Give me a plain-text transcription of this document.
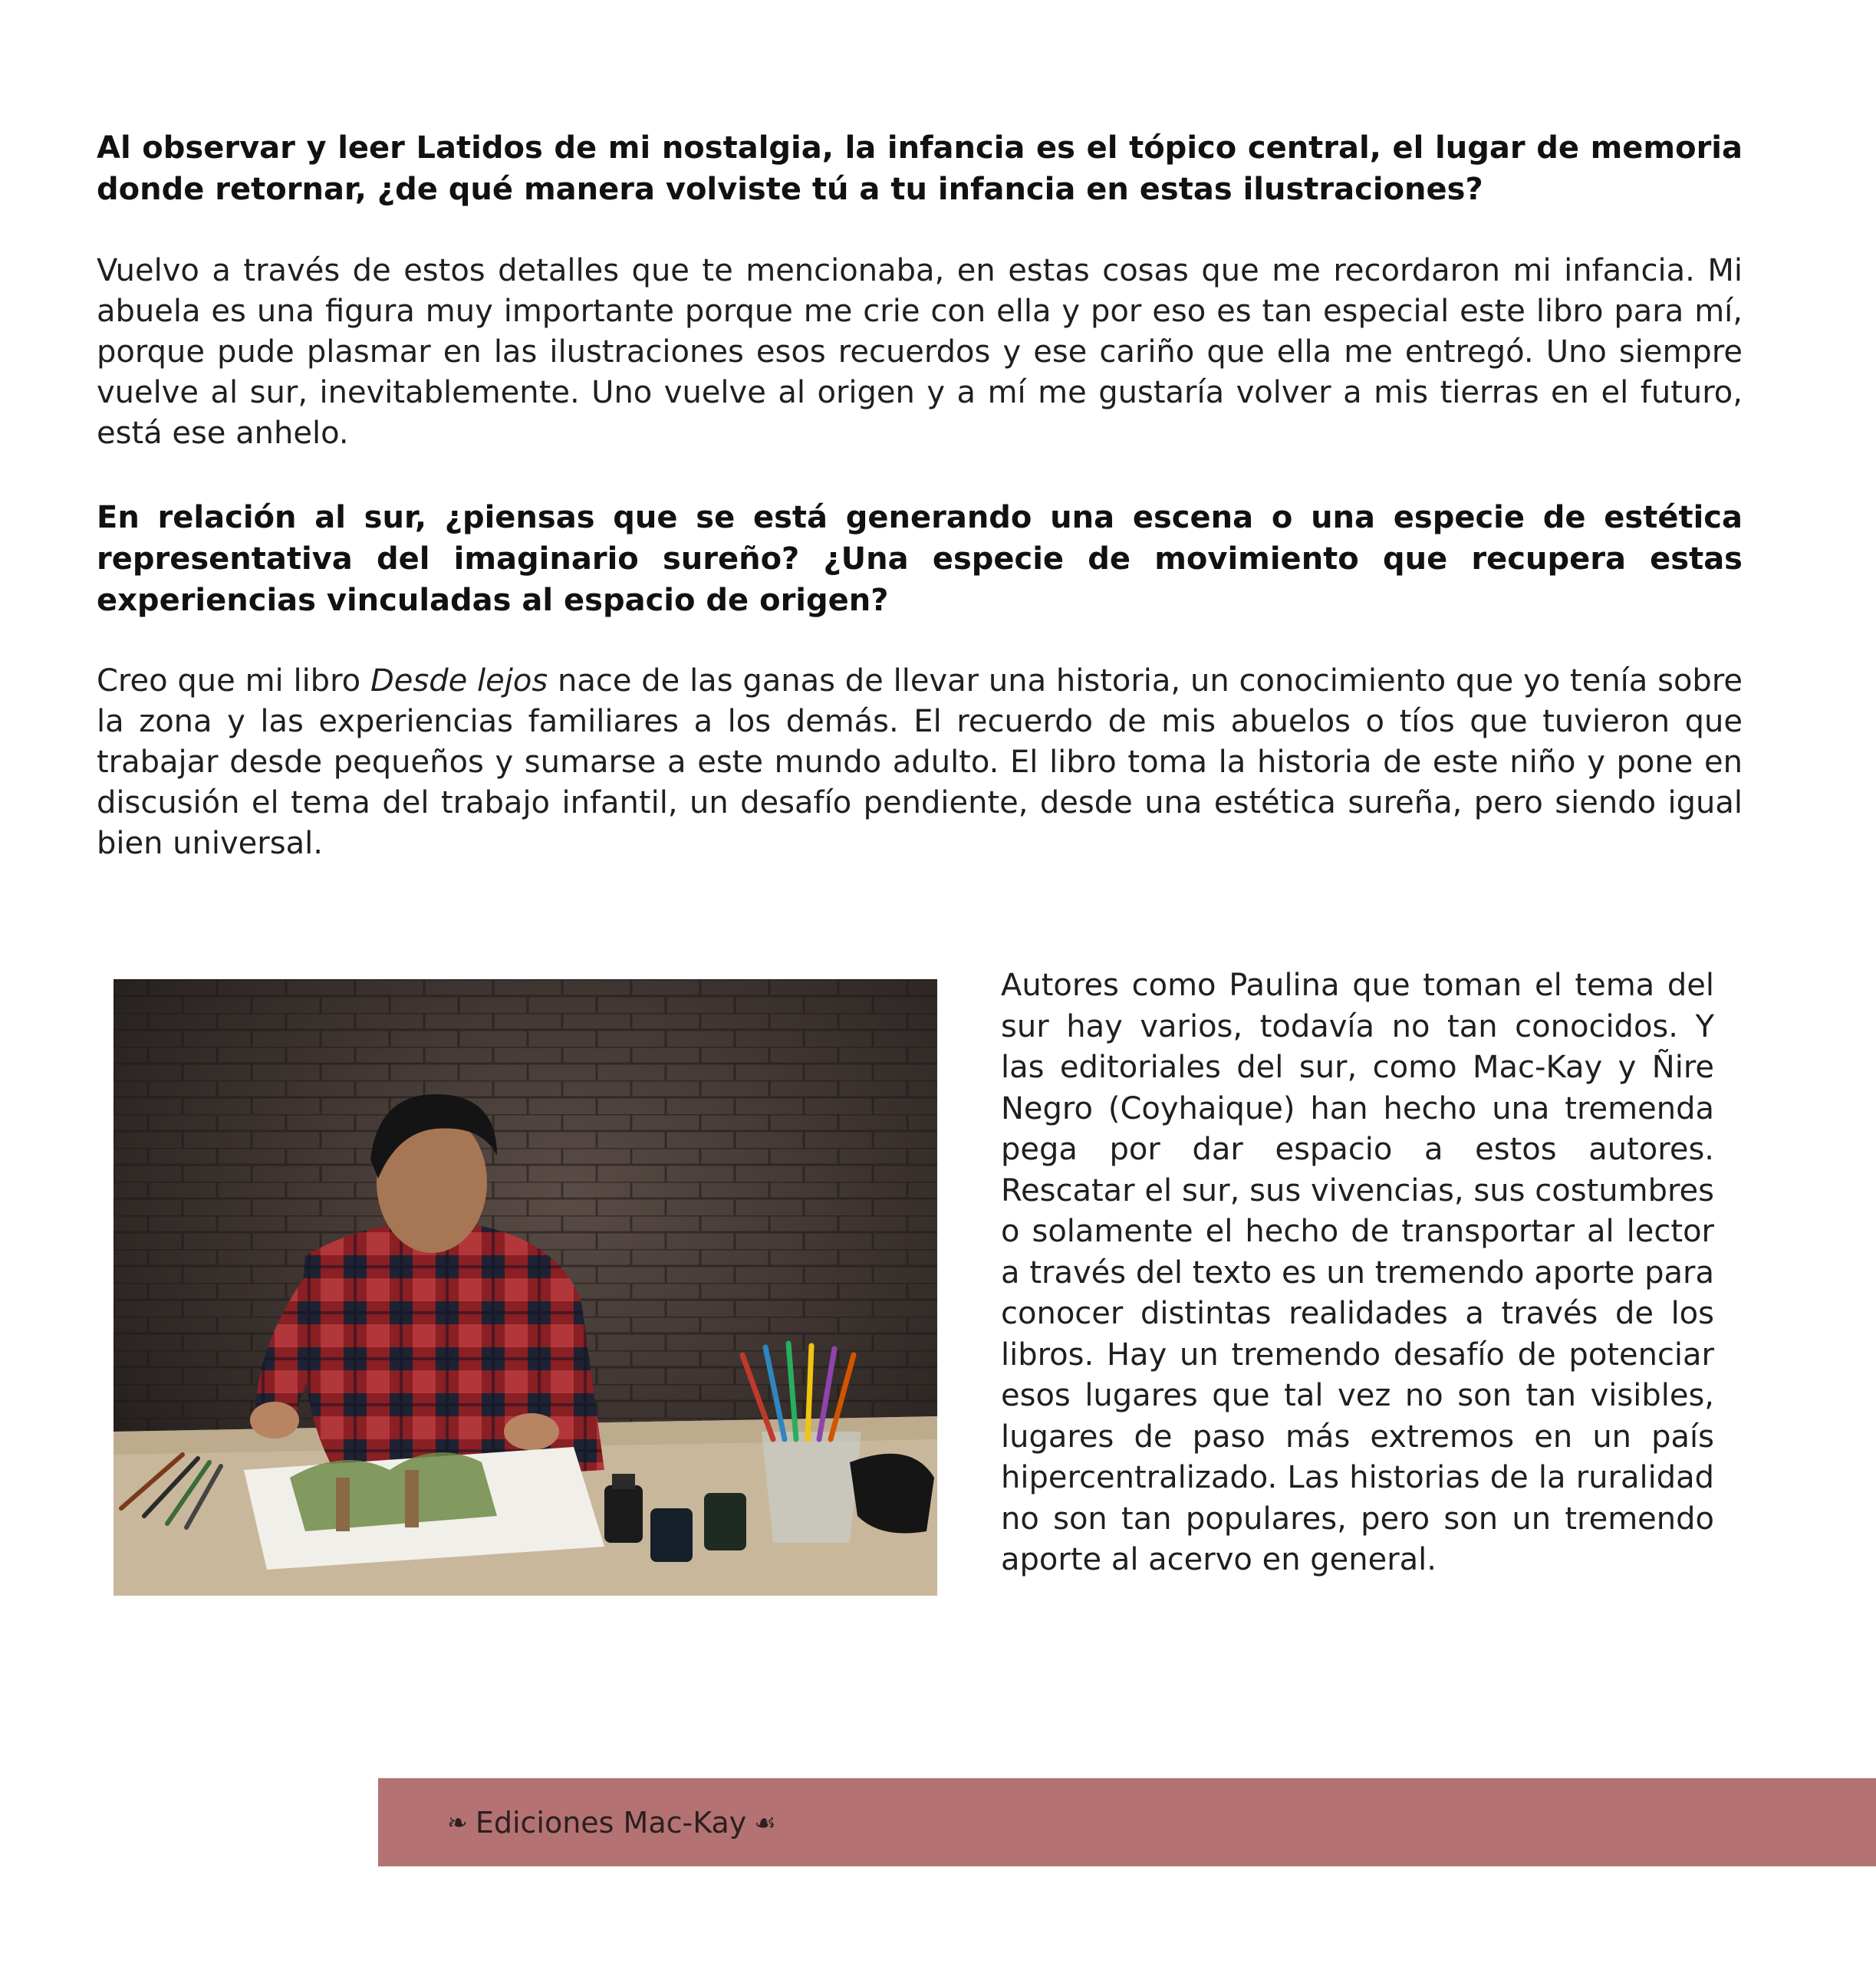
Al observar y leer Latidos de mi nostalgia, la infancia es el tópico central, el lugar de memoria donde retornar, ¿de qué manera volviste tú a tu infancia en estas ilustraciones?

Vuelvo a través de estos detalles que te mencionaba, en estas cosas que me recordaron mi infancia. Mi abuela es una figura muy importante porque me crie con ella y por eso es tan especial este libro para mí, porque pude plasmar en las ilustraciones esos recuerdos y ese cariño que ella me entregó. Uno siempre vuelve al sur, inevitablemente. Uno vuelve al origen y a mí me gustaría volver a mis tierras en el futuro, está ese anhelo.

En relación al sur, ¿piensas que se está generando una escena o una especie de estética representativa del imaginario sureño? ¿Una especie de movimiento que recupera estas experiencias vinculadas al espacio de origen?

Creo que mi libro Desde lejos nace de las ganas de llevar una historia, un conocimiento que yo tenía sobre la zona y las experiencias familiares a los demás. El recuerdo de mis abuelos o tíos que tuvieron que trabajar desde pequeños y sumarse a este mundo adulto. El libro toma la historia de este niño y pone en discusión el tema del trabajo infantil, un desafío pendiente, desde una estética sureña, pero siendo igual bien universal.

Autores como Paulina que toman el tema del sur hay varios, todavía no tan conocidos. Y las editoriales del sur, como Mac-Kay y Ñire Negro (Coyhaique) han hecho una tremenda pega por dar espacio a estos autores. Rescatar el sur, sus vivencias, sus costumbres o solamente el hecho de transportar al lector a través del texto es un tremendo aporte para conocer distintas realidades a través de los libros. Hay un tremendo desafío de potenciar esos lugares que tal vez no son tan visibles, lugares de paso más extremos en un país hipercentralizado. Las historias de la ruralidad no son tan populares, pero son un tremendo aporte al acervo en general.

❧ Ediciones Mac-Kay ☙
